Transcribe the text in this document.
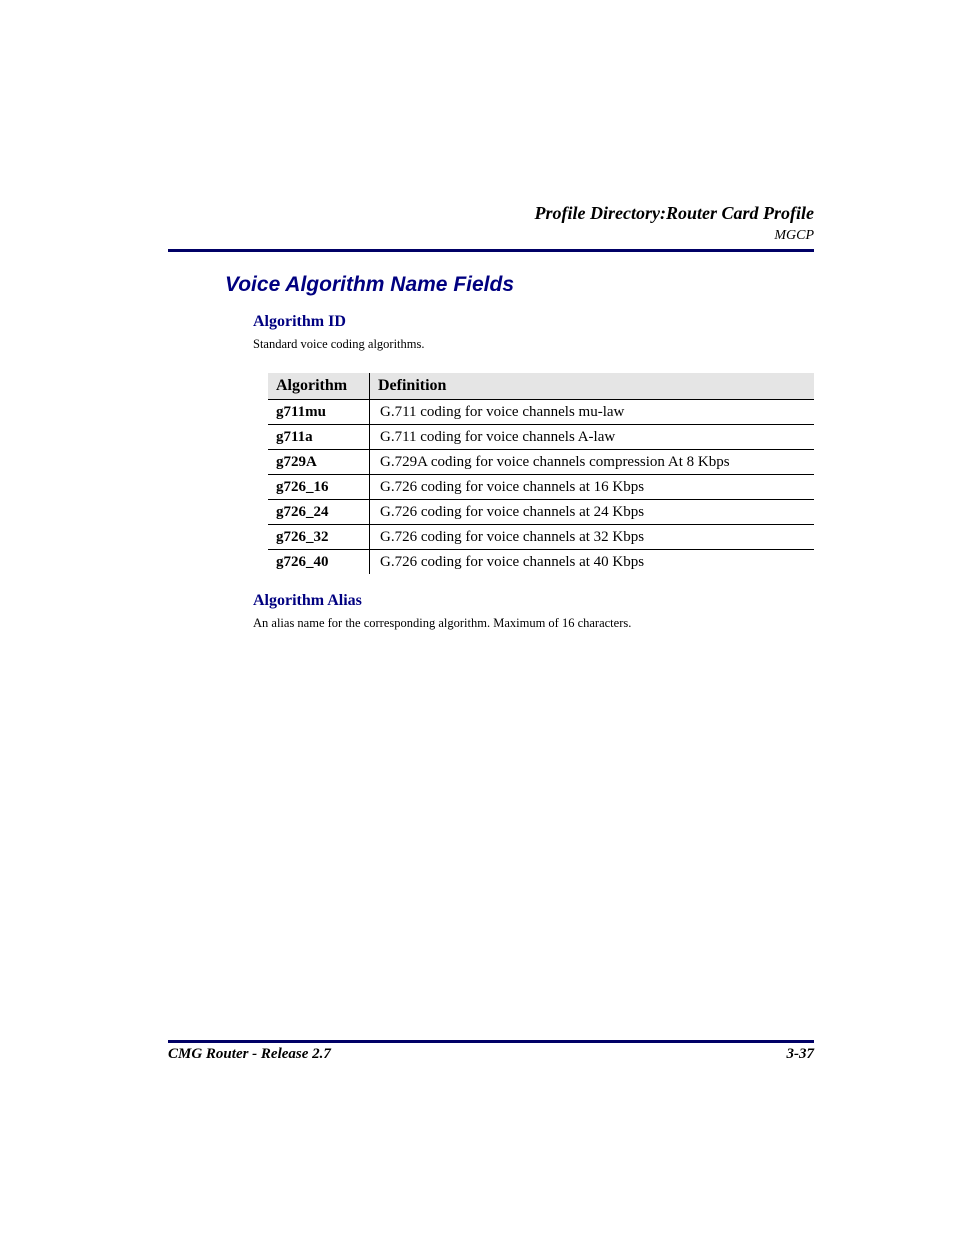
Profile Directory:Router Card Profile
MGCP
Voice Algorithm Name Fields
Algorithm ID
Standard voice coding algorithms.
Algorithm	Definition
g711mu	G.711 coding for voice channels mu-law
g711a	G.711 coding for voice channels A-law
g729A	G.729A coding for voice channels compression At 8 Kbps
g726_16	G.726 coding for voice channels at 16 Kbps
g726_24	G.726 coding for voice channels at 24 Kbps
g726_32	G.726 coding for voice channels at 32 Kbps
g726_40	G.726 coding for voice channels at 40 Kbps
Algorithm Alias
An alias name for the corresponding algorithm. Maximum of 16 characters.
CMG Router - Release 2.7	3-37
